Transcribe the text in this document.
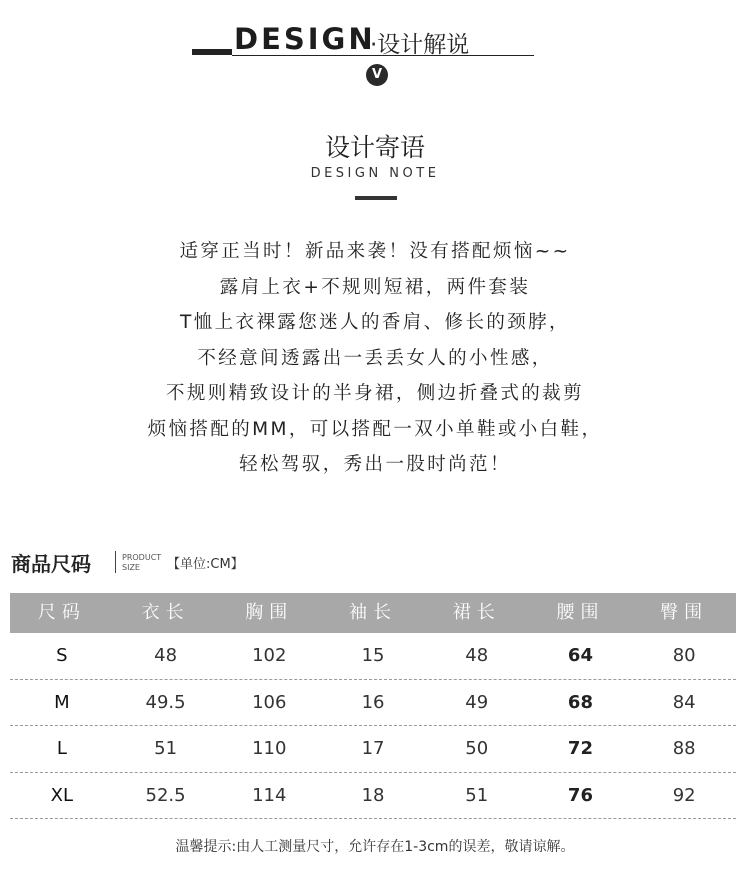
DESIGN
·设计解说
V
设计寄语
DESIGN NOTE
适穿正当时！新品来袭！没有搭配烦恼~~
露肩上衣+不规则短裙，两件套装
T恤上衣裸露您迷人的香肩、修长的颈脖，
不经意间透露出一丢丢女人的小性感，
不规则精致设计的半身裙，侧边折叠式的裁剪
烦恼搭配的MM，可以搭配一双小单鞋或小白鞋，
轻松驾驭，秀出一股时尚范！
商品尺码	PRODUCT
SIZE 【单位:CM】
尺码	衣长	胸围	袖长	裙长	腰围	臀围
S	48	102	15	48	64	80
M	49.5	106	16	49	68	84
L	51	110	17	50	72	88
XL	52.5	114	18	51	76	92
温馨提示:由人工测量尺寸，允许存在1-3cm的误差，敬请谅解。
